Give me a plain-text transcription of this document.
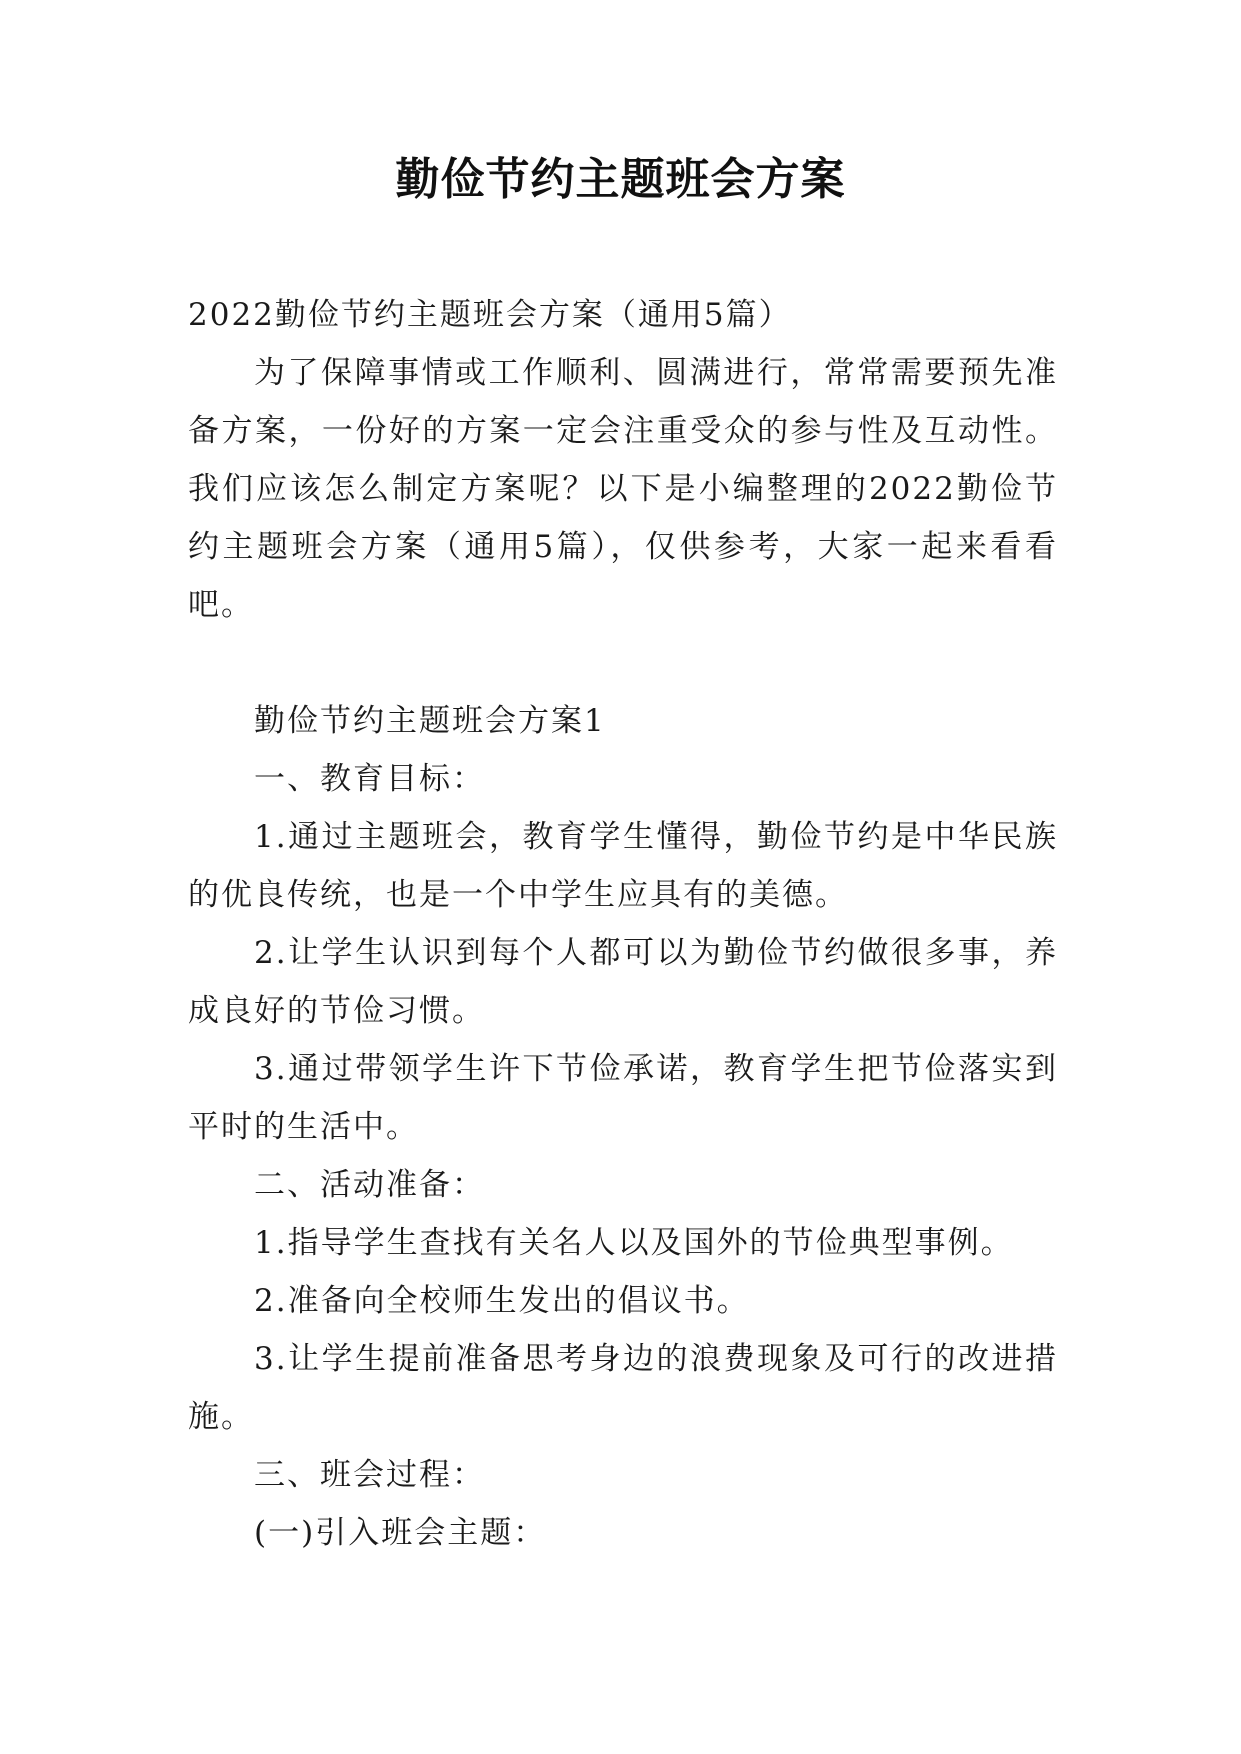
勤俭节约主题班会方案

2022勤俭节约主题班会方案（通用5篇）

为了保障事情或工作顺利、圆满进行，常常需要预先准备方案，一份好的方案一定会注重受众的参与性及互动性。我们应该怎么制定方案呢？以下是小编整理的2022勤俭节约主题班会方案（通用5篇），仅供参考，大家一起来看看吧。

勤俭节约主题班会方案1

一、教育目标：

1.通过主题班会，教育学生懂得，勤俭节约是中华民族的优良传统，也是一个中学生应具有的美德。

2.让学生认识到每个人都可以为勤俭节约做很多事，养成良好的节俭习惯。

3.通过带领学生许下节俭承诺，教育学生把节俭落实到平时的生活中。

二、活动准备：

1.指导学生查找有关名人以及国外的节俭典型事例。

2.准备向全校师生发出的倡议书。

3.让学生提前准备思考身边的浪费现象及可行的改进措施。

三、班会过程：

(一)引入班会主题：
